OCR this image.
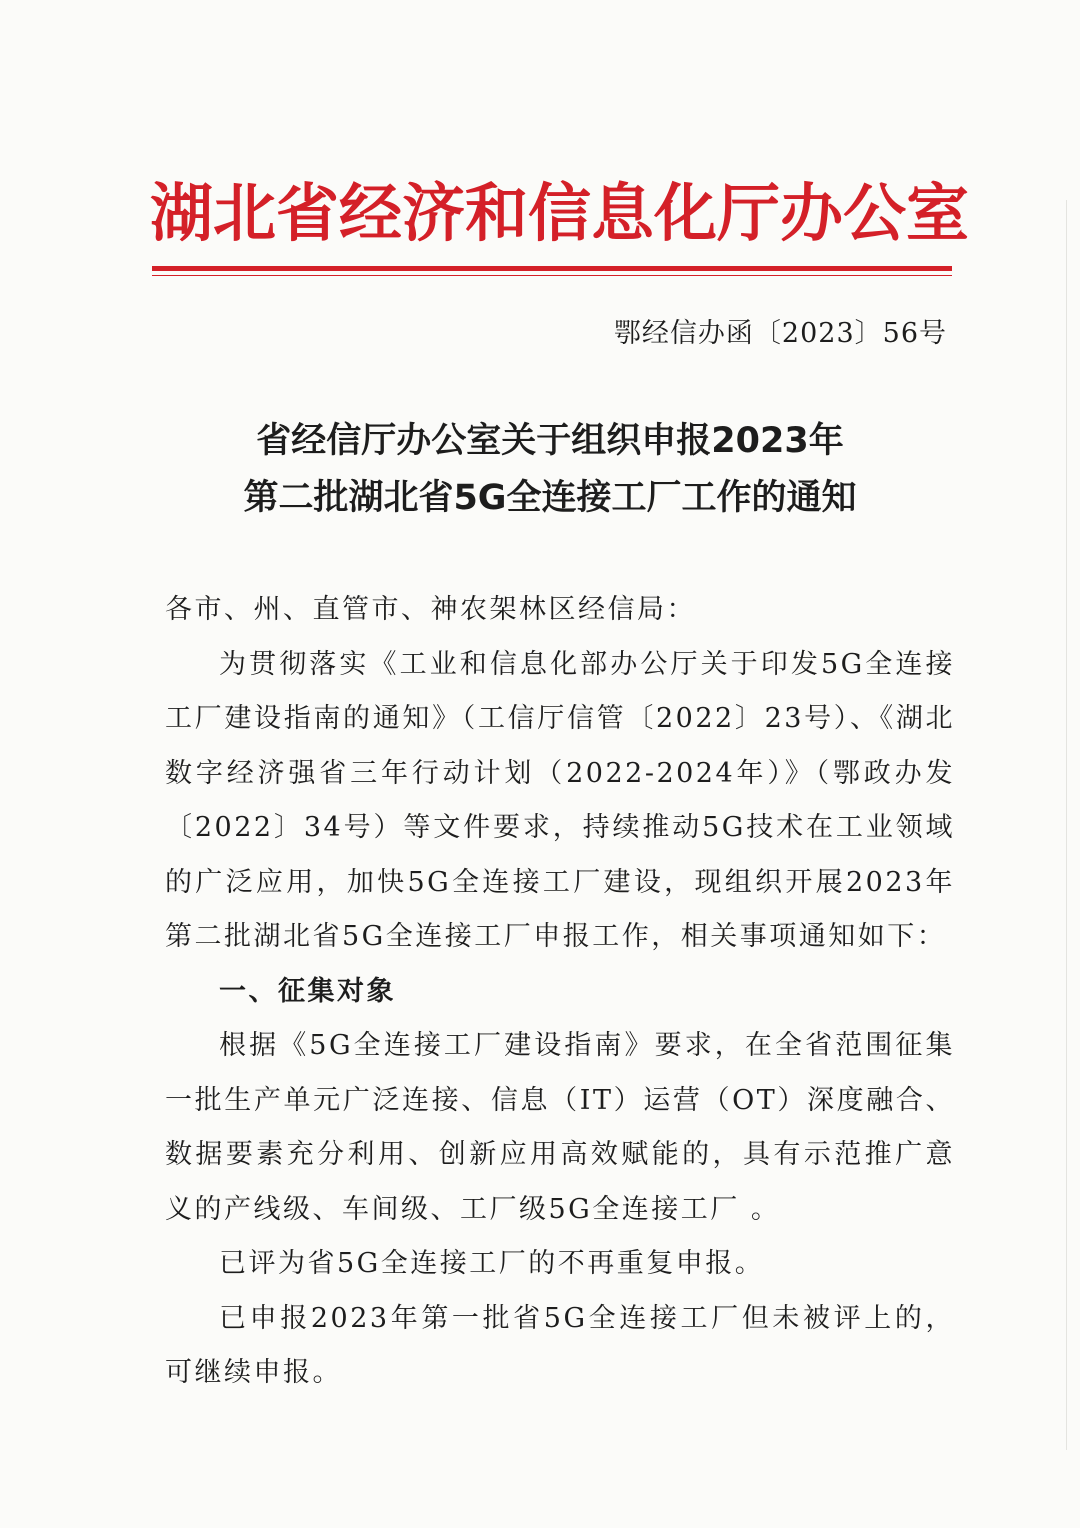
湖北省经济和信息化厅办公室
鄂经信办函〔2023〕56号
省经信厅办公室关于组织申报2023年
第二批湖北省5G全连接工厂工作的通知

各市、州、直管市、神农架林区经信局：

为贯彻落实《工业和信息化部办公厅关于印发5G全连接工厂建设指南的通知》（工信厅信管〔2022〕23号）、《湖北数字经济强省三年行动计划（2022-2024年）》（鄂政办发〔2022〕34号）等文件要求，持续推动5G技术在工业领域的广泛应用，加快5G全连接工厂建设，现组织开展2023年第二批湖北省5G全连接工厂申报工作，相关事项通知如下：

一、征集对象

根据《5G全连接工厂建设指南》要求，在全省范围征集一批生产单元广泛连接、信息（IT）运营（OT）深度融合、数据要素充分利用、创新应用高效赋能的，具有示范推广意义的产线级、车间级、工厂级5G全连接工厂 。

已评为省5G全连接工厂的不再重复申报。

已申报2023年第一批省5G全连接工厂但未被评上的，可继续申报。
